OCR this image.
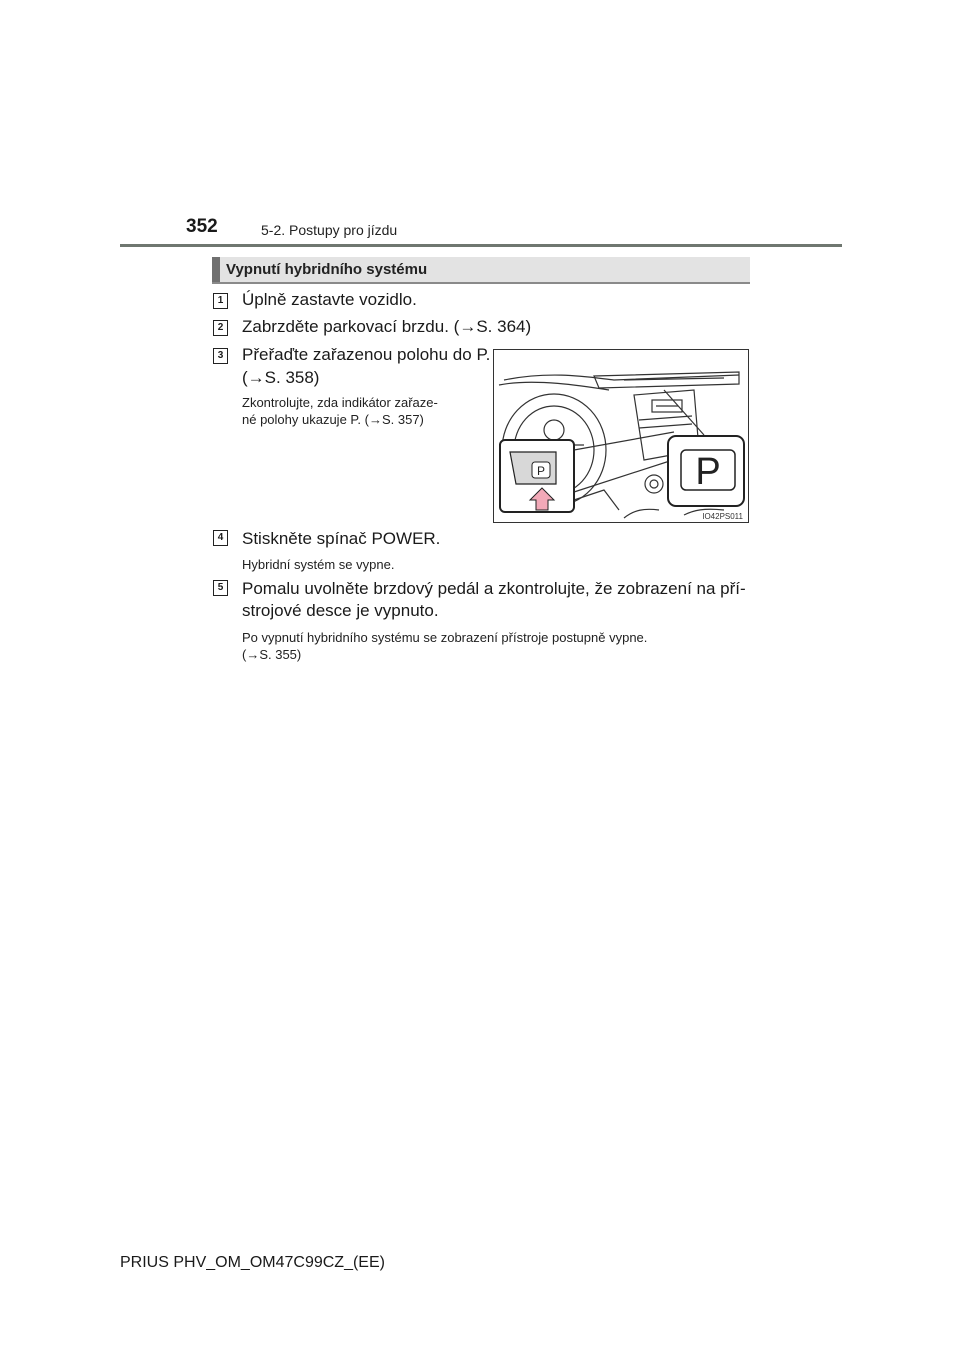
352	5-2. Postupy pro jízdu
Vypnutí hybridního systému
1 Úplně zastavte vozidlo.
2 Zabrzděte parkovací brzdu. (→S. 364)
3 Přeřaďte zařazenou polohu do P.
(→S. 358)
Zkontrolujte, zda indikátor zařaze-
né polohy ukazuje P. (→S. 357)
P	P
IO42PS011
4 Stiskněte spínač POWER.
Hybridní systém se vypne.
5 Pomalu uvolněte brzdový pedál a zkontrolujte, že zobrazení na pří-
strojové desce je vypnuto.
Po vypnutí hybridního systému se zobrazení přístroje postupně vypne.
(→S. 355)
PRIUS PHV_OM_OM47C99CZ_(EE)
